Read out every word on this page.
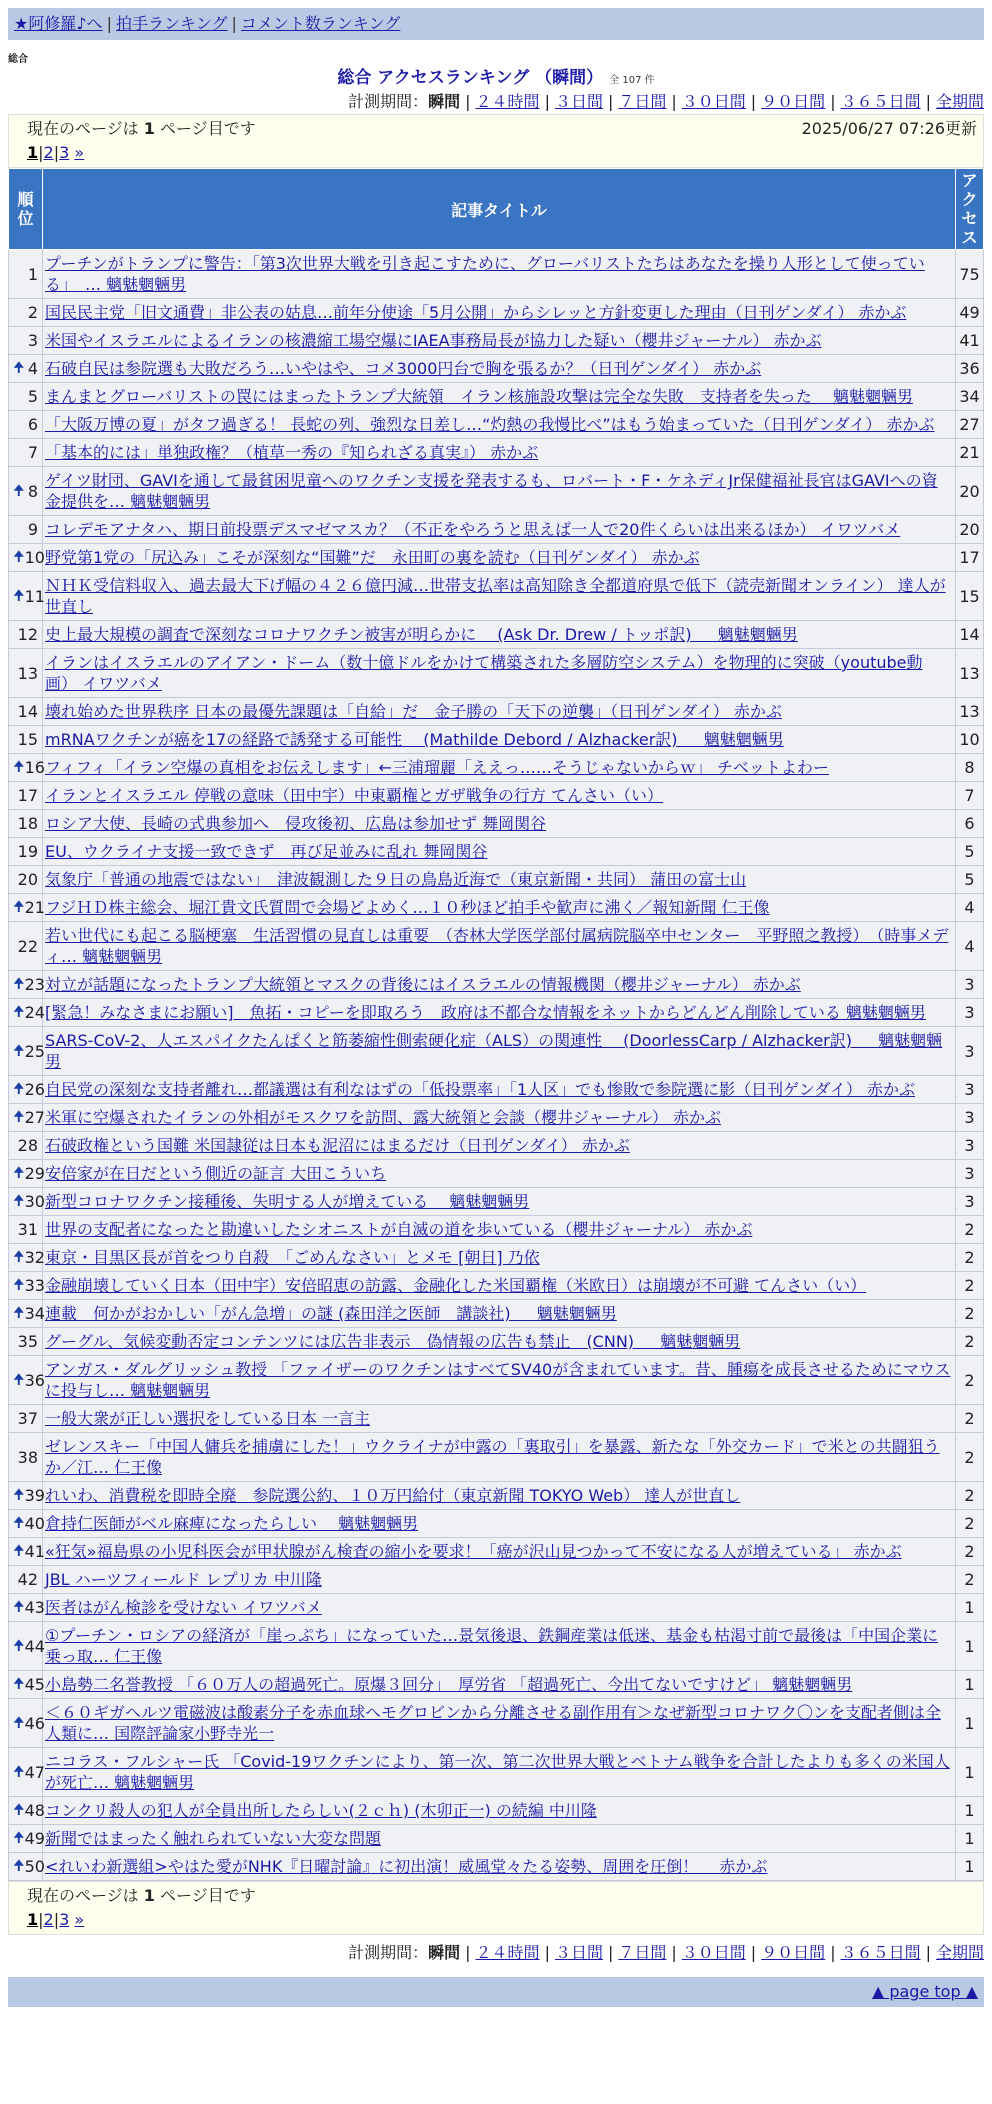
★阿修羅♪へ | 拍手ランキング | コメント数ランキング
総合
総合 アクセスランキング （瞬間） 全 107 件
計測期間：瞬間 | ２４時間 | ３日間 | ７日間 | ３０日間 | ９０日間 | ３６５日間 | 全期間
現在のページは 1 ページ目です	2025/06/27 07:26更新
1|2|3 »
順位	記事タイトル	アクセス
1	プーチンがトランプに警告：「第3次世界大戦を引き起こすために、グローバリストたちはあなたを操り人形として使っている」　… 魑魅魍魎男	75
2	国民民主党「旧文通費」非公表の姑息…前年分使途「5月公開」からシレッと方針変更した理由（日刊ゲンダイ） 赤かぶ	49
3	米国やイスラエルによるイランの核濃縮工場空爆にIAEA事務局長が協力した疑い（櫻井ジャーナル） 赤かぶ	41

🠉 4	石破自民は参院選も大敗だろう…いやはや、コメ3000円台で胸を張るか？（日刊ゲンダイ） 赤かぶ	36
5	まんまとグローバリストの罠にはまったトランプ大統領　イラン核施設攻撃は完全な失敗　支持者を失った　 魑魅魍魎男	34
6	「大阪万博の夏」がタフ過ぎる！ 長蛇の列、強烈な日差し…“灼熱の我慢比べ”はもう始まっていた（日刊ゲンダイ） 赤かぶ	27
7	「基本的には」単独政権？（植草一秀の『知られざる真実』） 赤かぶ	21

🠉 8	ゲイツ財団、GAVIを通して最貧困児童へのワクチン支援を発表するも、ロバート・F・ケネディJr保健福祉長官はGAVIへの資金提供を… 魑魅魍魎男	20
9	コレデモアナタハ、期日前投票デスマゼマスカ？（不正をやろうと思えば一人で20件くらいは出来るほか） イワツバメ	20

🠉 10	野党第1党の「尻込み」こそが深刻な“国難”だ　永田町の裏を読む（日刊ゲンダイ） 赤かぶ	17

🠉 11	ＮＨＫ受信料収入、過去最大下げ幅の４２６億円減…世帯支払率は高知除き全都道府県で低下（読売新聞オンライン） 達人が世直し	15
12	史上最大規模の調査で深刻なコロナワクチン被害が明らかに　 (Ask Dr. Drew / トッポ訳) 　 魑魅魍魎男	14
13	イランはイスラエルのアイアン・ドーム（数十億ドルをかけて構築された多層防空システム）を物理的に突破（youtube動画） イワツバメ	13
14	壊れ始めた世界秩序 日本の最優先課題は「自給」だ　金子勝の「天下の逆襲」（日刊ゲンダイ） 赤かぶ	13
15	mRNAワクチンが癌を17の経路で誘発する可能性　 (Mathilde Debord / Alzhacker訳) 　 魑魅魍魎男	10

🠉 16	フィフィ「イラン空爆の真相をお伝えします」←三浦瑠麗「ええっ……そうじゃないからｗ」 チベットよわー	8
17	イランとイスラエル 停戦の意味（田中宇）中東覇権とガザ戦争の行方 てんさい（い）	7
18	ロシア大使、長崎の式典参加へ　侵攻後初、広島は参加せず 舞岡関谷	6
19	EU、ウクライナ支援一致できず　再び足並みに乱れ 舞岡関谷	5
20	気象庁「普通の地震ではない」　津波観測した９日の鳥島近海で（東京新聞・共同） 蒲田の富士山	5

🠉 21	フジＨＤ株主総会、堀江貴文氏質問で会場どよめく…１０秒ほど拍手や歓声に沸く／報知新聞 仁王像	4
22	若い世代にも起こる脳梗塞　生活習慣の見直しは重要　（杏林大学医学部付属病院脳卒中センター　平野照之教授）　（時事メディ… 魑魅魍魎男	4

🠉 23	対立が話題になったトランプ大統領とマスクの背後にはイスラエルの情報機関（櫻井ジャーナル） 赤かぶ	3

🠉 24	[緊急！みなさまにお願い]　魚拓・コピーを即取ろう　政府は不都合な情報をネットからどんどん削除している 魑魅魍魎男	3

🠉 25	SARS-CoV-2、人エスパイクたんぱくと筋萎縮性側索硬化症（ALS）の関連性　 (DoorlessCarp / Alzhacker訳) 　 魑魅魍魎男	3

🠉 26	自民党の深刻な支持者離れ…都議選は有利なはずの「低投票率」「1人区」でも惨敗で参院選に影（日刊ゲンダイ） 赤かぶ	3

🠉 27	米軍に空爆されたイランの外相がモスクワを訪問、露大統領と会談（櫻井ジャーナル） 赤かぶ	3
28	石破政権という国難 米国隷従は日本も泥沼にはまるだけ（日刊ゲンダイ） 赤かぶ	3

🠉 29	安倍家が在日だという側近の証言 大田こういち	3

🠉 30	新型コロナワクチン接種後、失明する人が増えている　 魑魅魍魎男	3
31	世界の支配者になったと勘違いしたシオニストが自滅の道を歩いている（櫻井ジャーナル） 赤かぶ	2

🠉 32	東京・目黒区長が首をつり自殺　「ごめんなさい」とメモ [朝日] 乃依	2

🠉 33	金融崩壊していく日本（田中宇）安倍昭恵の訪露、金融化した米国覇権（米欧日）は崩壊が不可避 てんさい（い）	2

🠉 34	連載　何かがおかしい「がん急増」の謎 (森田洋之医師　講談社) 　 魑魅魍魎男	2
35	グーグル、気候変動否定コンテンツには広告非表示　偽情報の広告も禁止　(CNN) 　 魑魅魍魎男	2

🠉 36	アンガス・ダルグリッシュ教授 「ファイザーのワクチンはすべてSV40が含まれています。昔、腫瘍を成長させるためにマウスに投与し… 魑魅魍魎男	2
37	一般大衆が正しい選択をしている日本 一言主	2
38	ゼレンスキー「中国人傭兵を捕虜にした！」ウクライナが中露の「裏取引」を暴露、新たな「外交カード」で米との共闘狙うか／江… 仁王像	2

🠉 39	れいわ、消費税を即時全廃　参院選公約、１０万円給付（東京新聞 TOKYO Web） 達人が世直し	2

🠉 40	倉持仁医師がベル麻痺になったらしい　 魑魅魍魎男	2

🠉 41	«狂気»福島県の小児科医会が甲状腺がん検査の縮小を要求！「癌が沢山見つかって不安になる人が増えている」 赤かぶ	2
42	JBL ハーツフィールド レプリカ 中川隆	2

🠉 43	医者はがん検診を受けない イワツバメ	1

🠉 44	①プーチン・ロシアの経済が「崖っぷち」になっていた…景気後退、鉄鋼産業は低迷、基金も枯渇寸前で最後は「中国企業に乗っ取… 仁王像	1

🠉 45	小島勢二名誉教授 「６０万人の超過死亡。原爆３回分」　厚労省 「超過死亡、今出てないですけど」 魑魅魍魎男	1

🠉 46	＜６０ギガヘルツ電磁波は酸素分子を赤血球ヘモグロビンから分離させる副作用有＞なぜ新型コロナワク〇ンを支配者側は全人類に… 国際評論家小野寺光一	1

🠉 47	ニコラス・フルシャー氏 「Covid-19ワクチンにより、第一次、第二次世界大戦とベトナム戦争を合計したよりも多くの米国人が死亡… 魑魅魍魎男	1

🠉 48	コンクリ殺人の犯人が全員出所したらしい(２ｃｈ) (木卯正一) の続編 中川隆	1

🠉 49	新聞ではまったく触れられていない大変な問題	1

🠉 50	<れいわ新選組>やはた愛がNHK『日曜討論』に初出演！威風堂々たる姿勢、周囲を圧倒！　 赤かぶ	1
現在のページは 1 ページ目です
1|2|3 »
計測期間：瞬間 | ２４時間 | ３日間 | ７日間 | ３０日間 | ９０日間 | ３６５日間 | 全期間
▲ page top ▲
